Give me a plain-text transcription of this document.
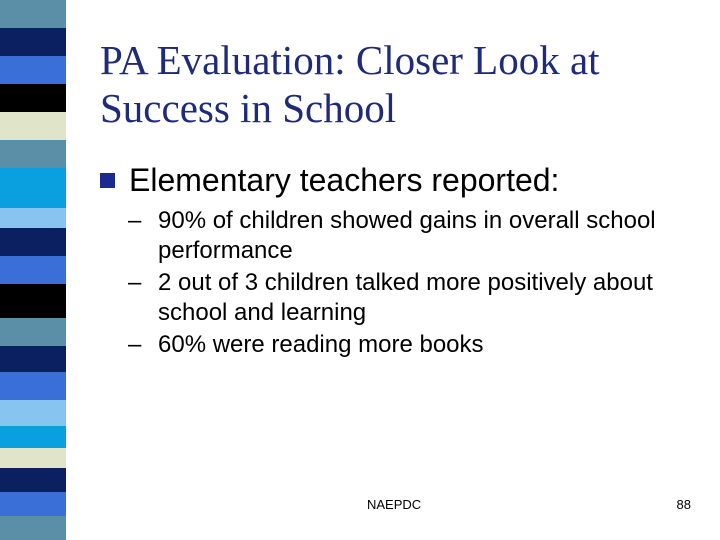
PA Evaluation: Closer Look at Success in School
Elementary teachers reported:
– 90% of children showed gains in overall school performance
– 2 out of 3 children talked more positively about school and learning
– 60% were reading more books
NAEPDC	88
